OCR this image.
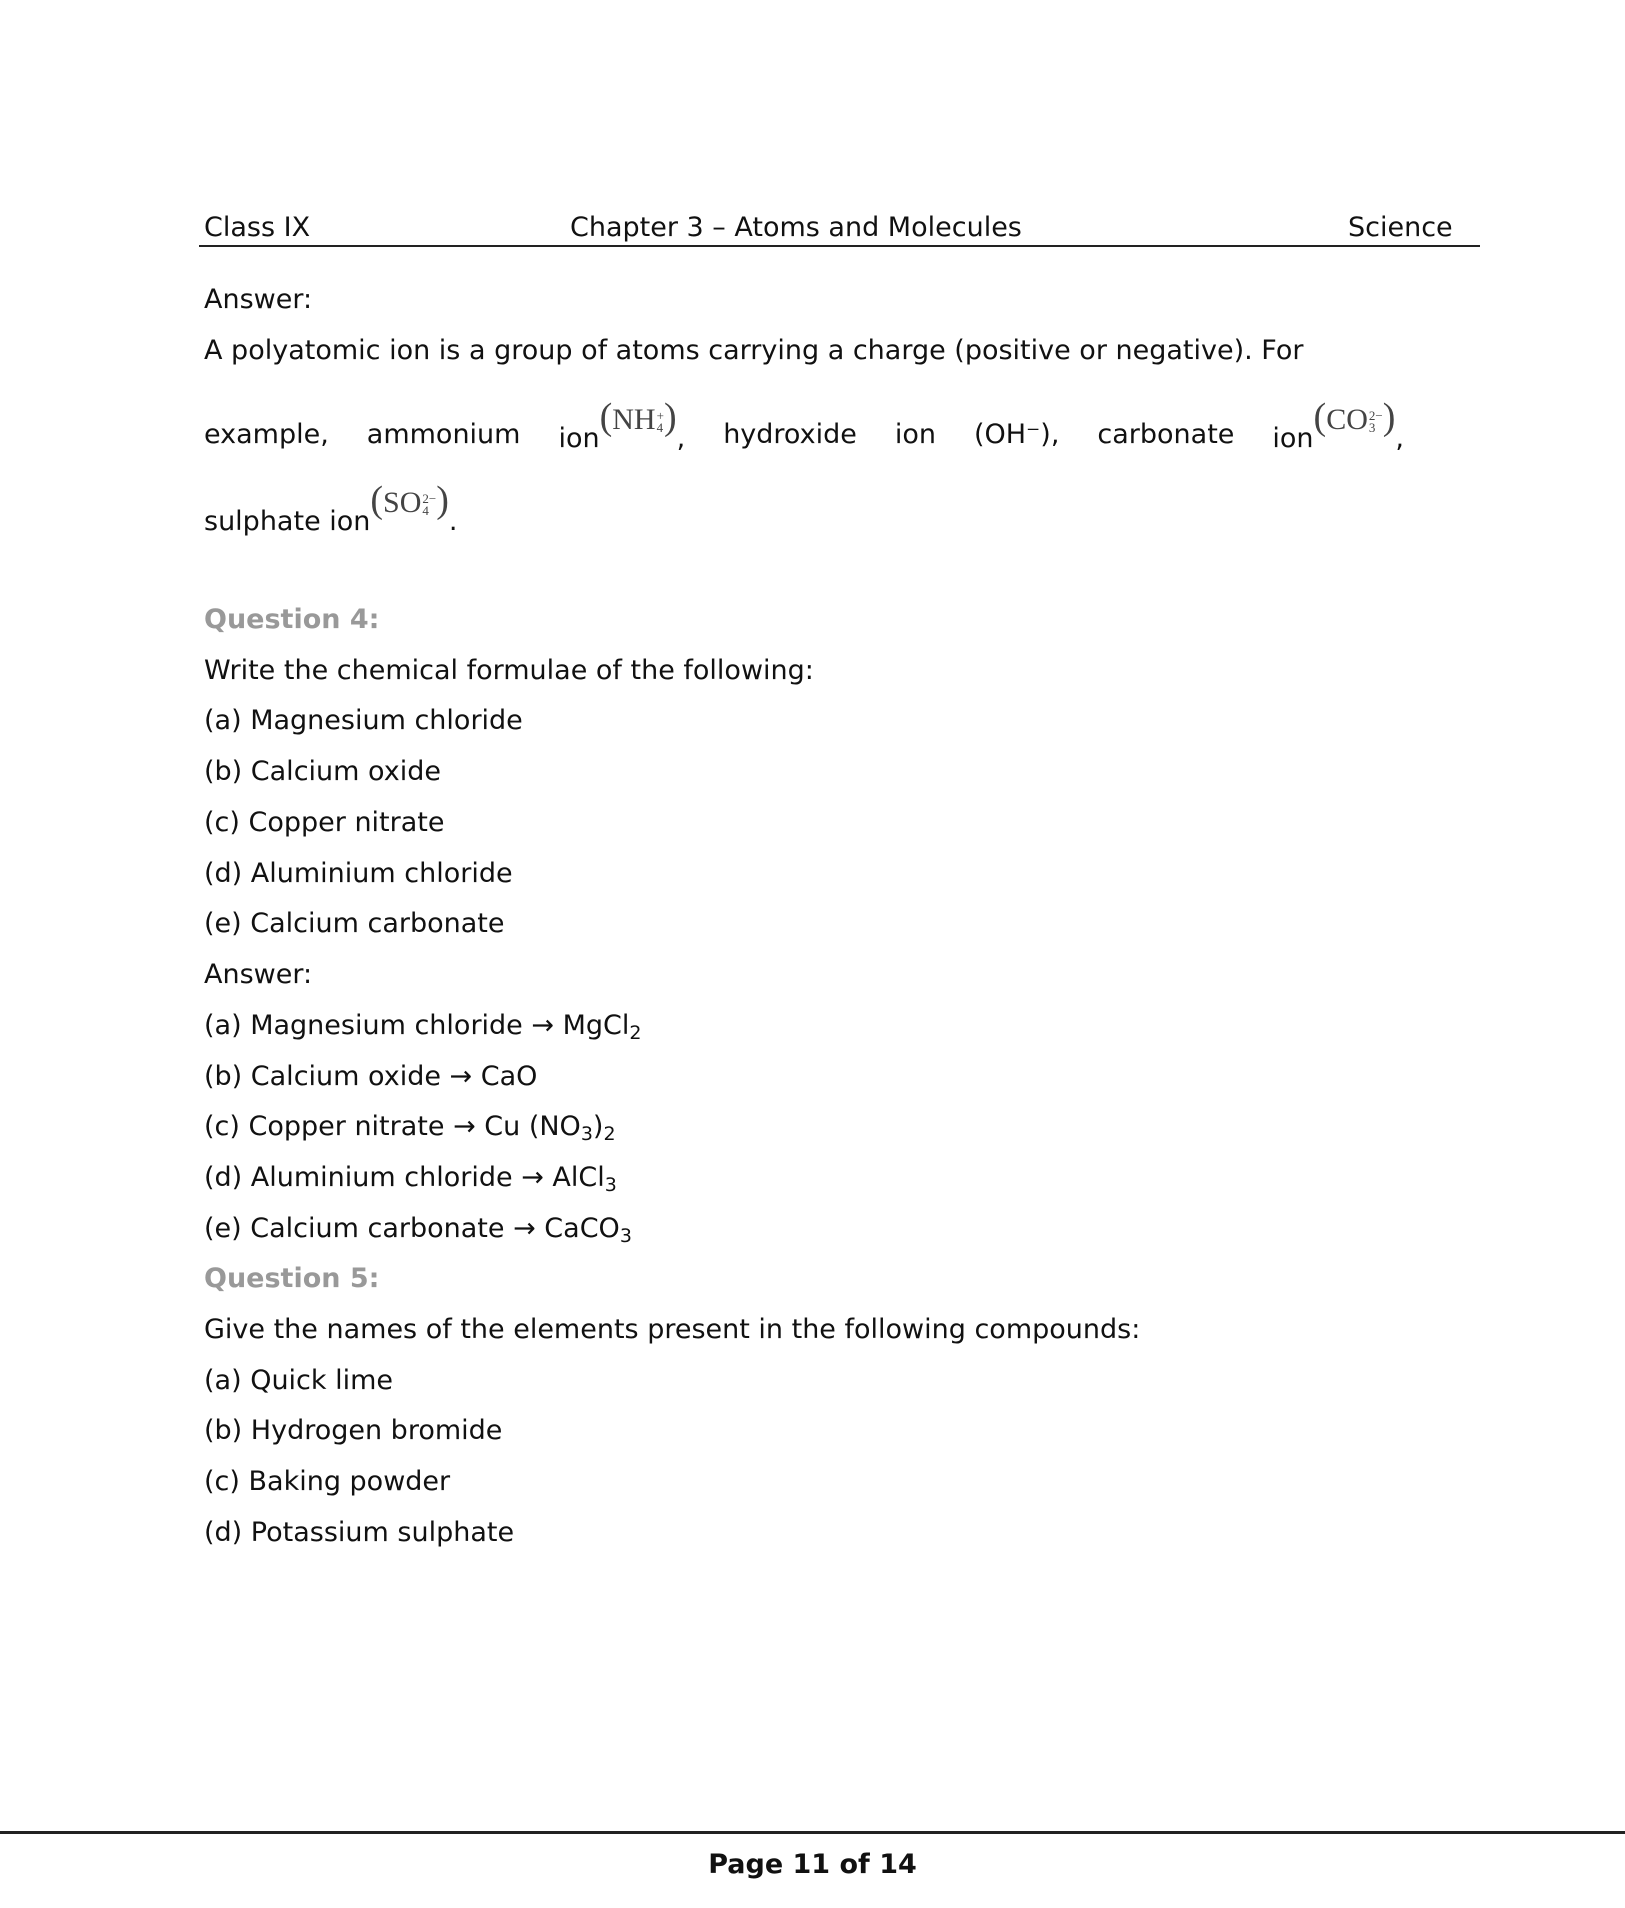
Class IX	Chapter 3 – Atoms and Molecules	Science
Answer:
A polyatomic ion is a group of atoms carrying a charge (positive or negative). For
example, ammonium ion(NH +
4 ), hydroxide ion (OH⁻), carbonate ion(CO 2−
3 ),
sulphate ion(SO 2−
4 ).
Question 4:
Write the chemical formulae of the following:
(a) Magnesium chloride
(b) Calcium oxide
(c) Copper nitrate
(d) Aluminium chloride
(e) Calcium carbonate
Answer:
(a) Magnesium chloride → MgCl$_2$
(b) Calcium oxide → CaO
(c) Copper nitrate → Cu $(NO_3)_2$
(d) Aluminium chloride → AlCl$_3$
(e) Calcium carbonate → CaCO$_3$
Question 5:
Give the names of the elements present in the following compounds:
(a) Quick lime
(b) Hydrogen bromide
(c) Baking powder
(d) Potassium sulphate
Page 11 of 14
